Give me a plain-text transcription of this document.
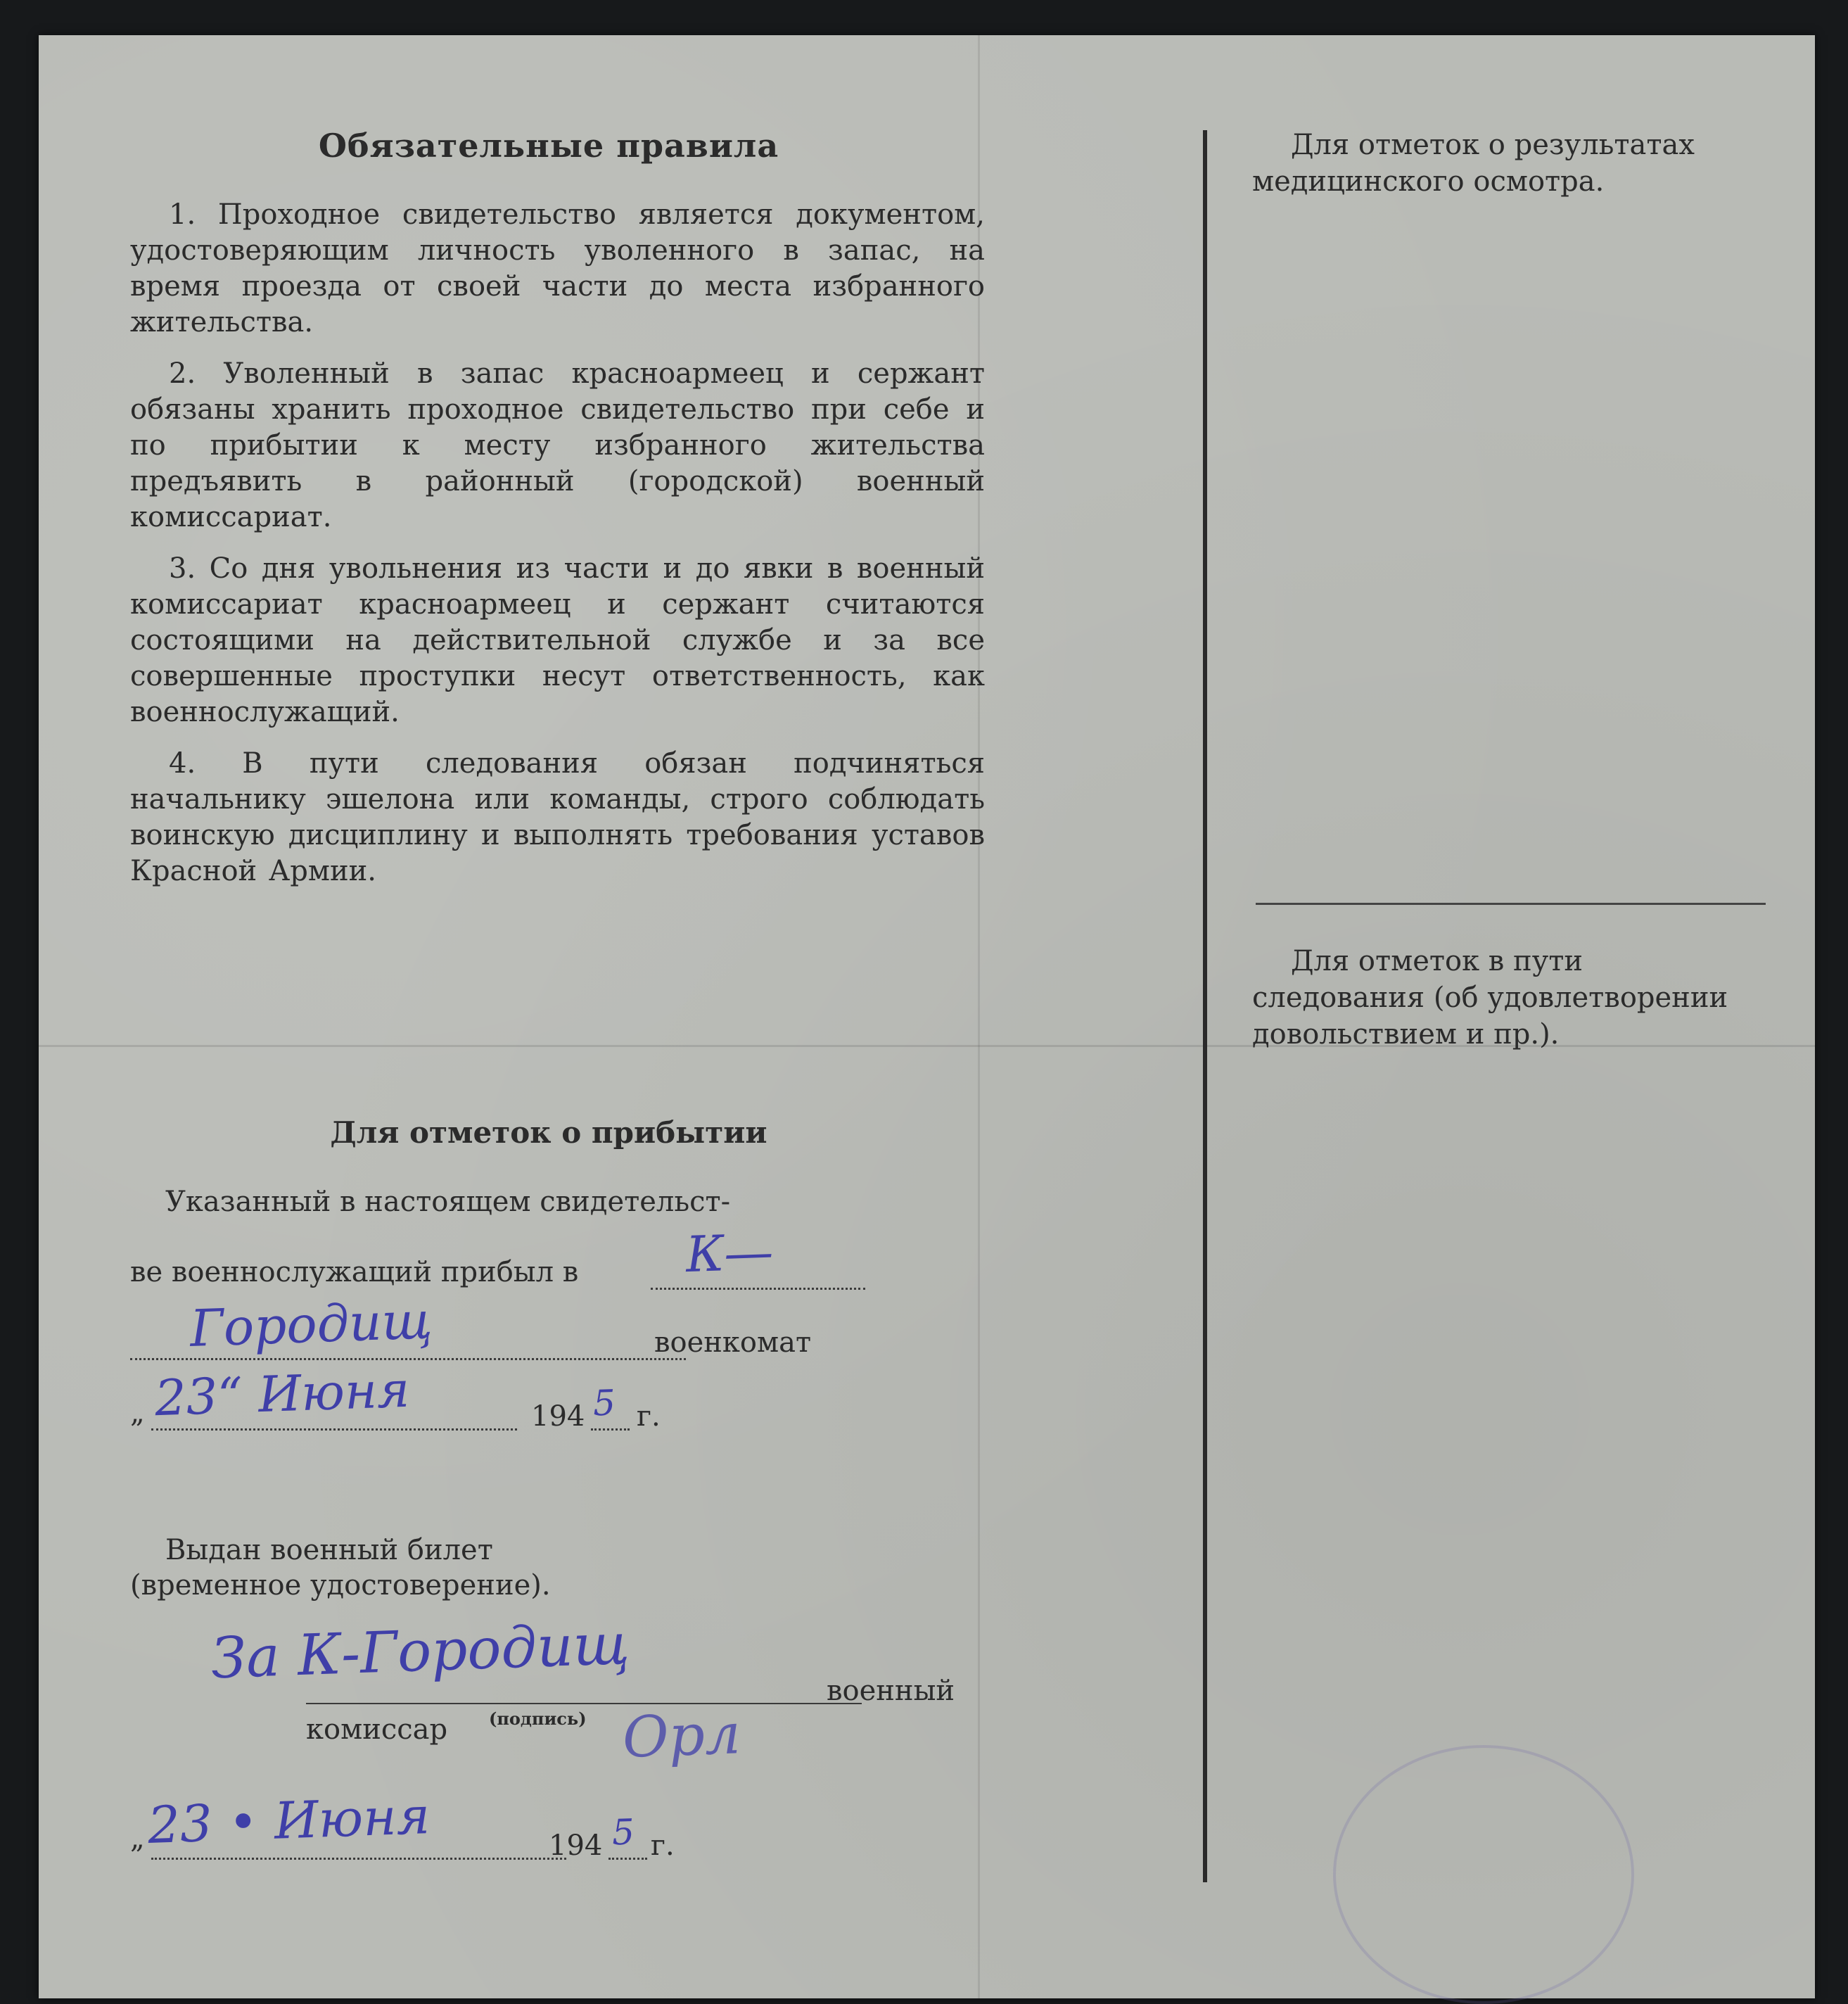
Обязательные правила

1. Проходное свидетельство является документом, удостоверяющим личность уволенного в запас, на время проезда от своей части до места избранного жительства.

2. Уволенный в запас красноармеец и сержант обязаны хранить проходное свидетельство при себе и по прибытии к месту избранного жительства предъявить в районный (городской) военный комиссариат.

3. Со дня увольнения из части и до явки в военный комиссариат красноармеец и сержант считаются состоящими на действительной службе и за все совершенные проступки несут ответственность, как военнослужащий.

4. В пути следования обязан подчиняться начальнику эшелона или команды, строго соблюдать воинскую дисциплину и выполнять требования уставов Красной Армии.

Для отметок о прибытии
Указанный в настоящем свидетельст-
ве военнослужащий прибыл в К—
Городищ	военкомат
„ 23“ Июня	194 5 г.
Выдан военный билет
(временное удостоверение).
За К-Городищ	военный
комиссар (подпись) Орл
„ 23 • Июня	194 5 г.
Для отметок о результатах медицинского осмотра.
Для отметок в пути следования (об удовлетворении довольствием и пр.).
